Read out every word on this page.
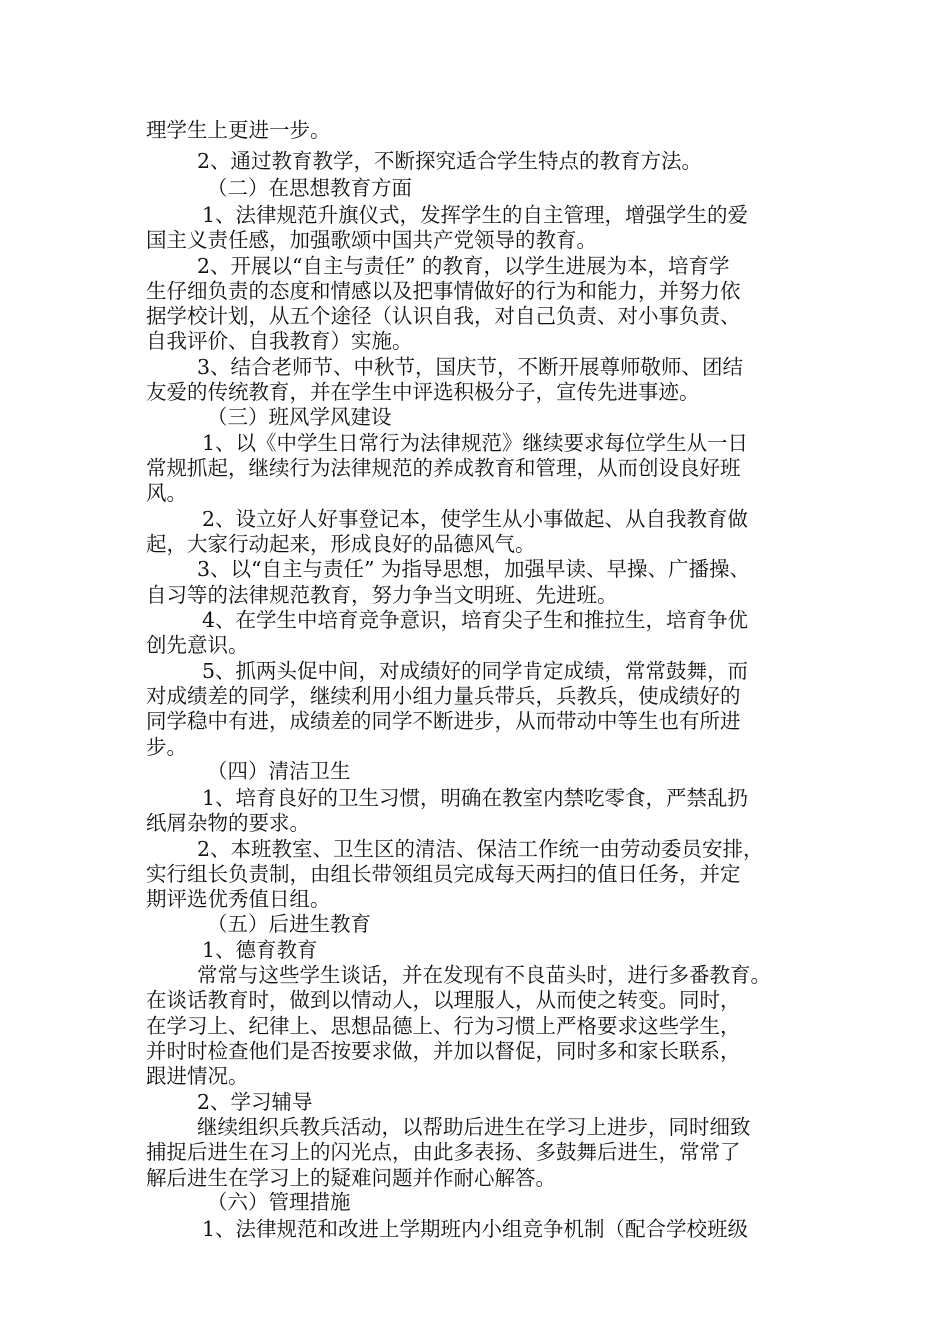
理学生上更进一步。
2、通过教育教学，不断探究适合学生特点的教育方法。
（二）在思想教育方面
1、法律规范升旗仪式，发挥学生的自主管理，增强学生的爱
国主义责任感，加强歌颂中国共产党领导的教育。
2、开展以“自主与责任” 的教育，以学生进展为本，培育学
生仔细负责的态度和情感以及把事情做好的行为和能力，并努力依
据学校计划，从五个途径（认识自我，对自己负责、对小事负责、
自我评价、自我教育）实施。
3、结合老师节、中秋节，国庆节，不断开展尊师敬师、团结
友爱的传统教育，并在学生中评选积极分子，宣传先进事迹。
（三）班风学风建设
1、以《中学生日常行为法律规范》继续要求每位学生从一日
常规抓起，继续行为法律规范的养成教育和管理，从而创设良好班
风。
2、设立好人好事登记本，使学生从小事做起、从自我教育做
起，大家行动起来，形成良好的品德风气。
3、以“自主与责任” 为指导思想，加强早读、早操、广播操、
自习等的法律规范教育，努力争当文明班、先进班。
4、在学生中培育竞争意识，培育尖子生和推拉生，培育争优
创先意识。
5、抓两头促中间，对成绩好的同学肯定成绩，常常鼓舞，而
对成绩差的同学，继续利用小组力量兵带兵，兵教兵，使成绩好的
同学稳中有进，成绩差的同学不断进步，从而带动中等生也有所进
步。
（四）清洁卫生
1、培育良好的卫生习惯，明确在教室内禁吃零食，严禁乱扔
纸屑杂物的要求。
2、本班教室、卫生区的清洁、保洁工作统一由劳动委员安排，
实行组长负责制，由组长带领组员完成每天两扫的值日任务，并定
期评选优秀值日组。
（五）后进生教育
1、德育教育
常常与这些学生谈话，并在发现有不良苗头时，进行多番教育。
在谈话教育时，做到以情动人，以理服人，从而使之转变。同时，
在学习上、纪律上、思想品德上、行为习惯上严格要求这些学生，
并时时检查他们是否按要求做，并加以督促，同时多和家长联系，
跟进情况。
2、学习辅导
继续组织兵教兵活动，以帮助后进生在学习上进步，同时细致
捕捉后进生在习上的闪光点，由此多表扬、多鼓舞后进生，常常了
解后进生在学习上的疑难问题并作耐心解答。
（六）管理措施
1、法律规范和改进上学期班内小组竞争机制（配合学校班级
